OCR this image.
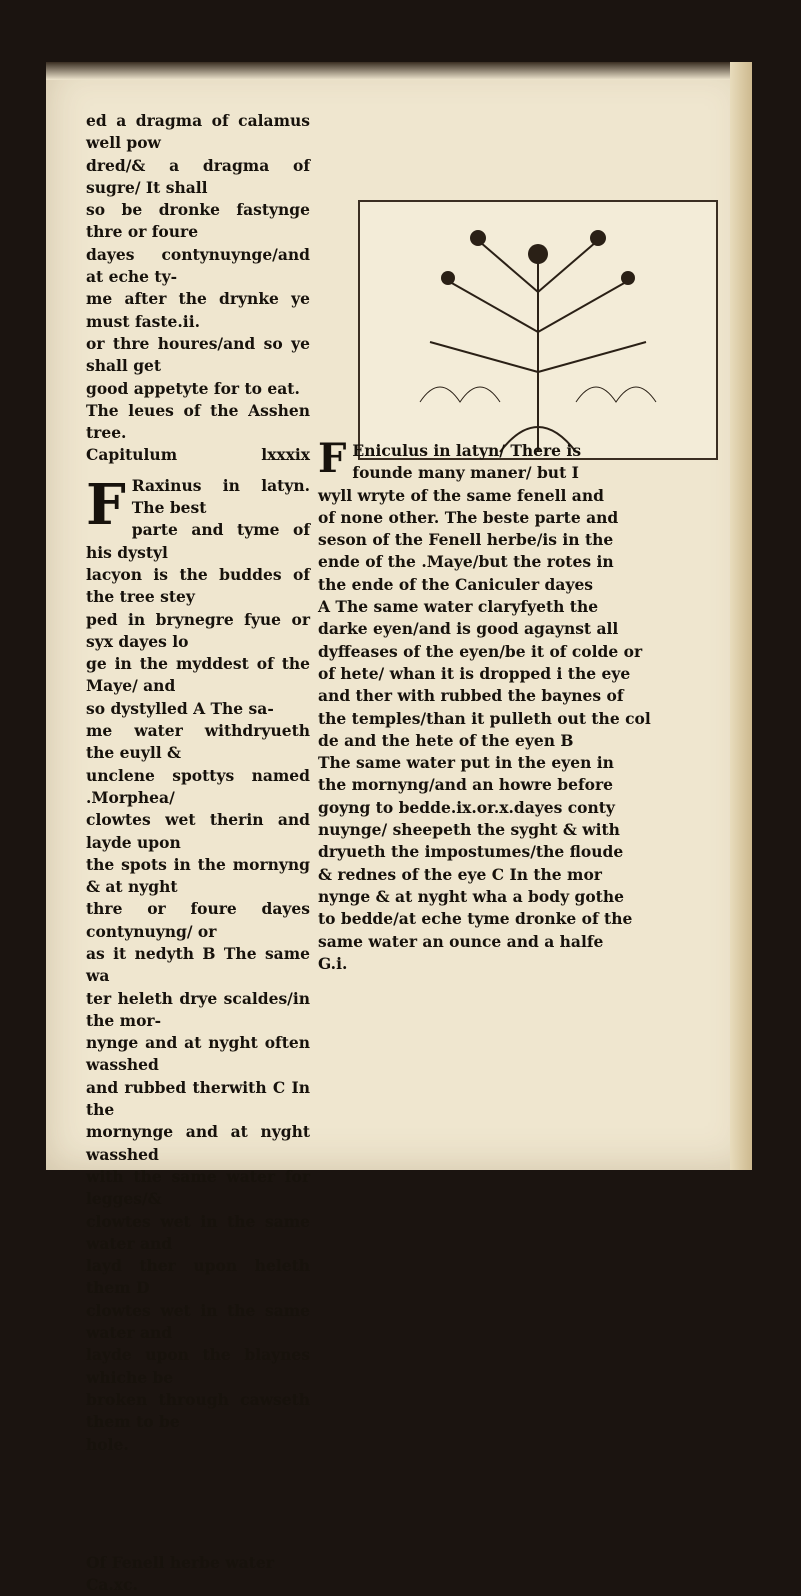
ed a dragma of calamus well pow

dred/& a dragma of sugre/ It shall

so be dronke fastynge thre or foure

dayes contynuynge/and at eche ty-

me after the drynke ye must faste.ii.

or thre houres/and so ye shall get

good appetyte for to eat.

The leues of the Asshen tree.

Capitulum	lxxxix

F Raxinus in latyn. The best

parte and tyme of his dystyl

lacyon is the buddes of the tree stey

ped in brynegre fyue or syx dayes lo

ge in the myddest of the Maye/ and

so dystylled A The sa-

me water withdryueth the euyll &

unclene spottys named .Morphea/

clowtes wet therin and layde upon

the spots in the mornyng & at nyght

thre or foure dayes contynuyng/ or

as it nedyth B The same wa

ter heleth drye scaldes/in the mor-

nynge and at nyght often wasshed

and rubbed therwith C In the

mornynge and at nyght wasshed

with the same water for legges/&

clowtes wet in the same water and

layd ther upon heleth them D

clowtes wet in the same water and

layde upon the blaynes whiche be

broken through cawseth them to be

hole.

Of Fenell herbe water Ca.xc.

F Eniculus in latyn/ There is

founde many maner/ but I

wyll wryte of the same fenell and

of none other. The beste parte and

seson of the Fenell herbe/is in the

ende of the .Maye/but the rotes in

the ende of the Caniculer dayes

A The same water claryfyeth the

darke eyen/and is good agaynst all

dyffeases of the eyen/be it of colde or

of hete/ whan it is dropped i the eye

and ther with rubbed the baynes of

the temples/than it pulleth out the col

de and the hete of the eyen B

The same water put in the eyen in

the mornyng/and an howre before

goyng to bedde.ix.or.x.dayes conty

nuynge/ sheepeth the syght & with

dryueth the impostumes/the floude

& rednes of the eye C In the mor

nynge & at nyght wha a body gothe

to bedde/at eche tyme dronke of the

same water an ounce and a halfe

G.i.
